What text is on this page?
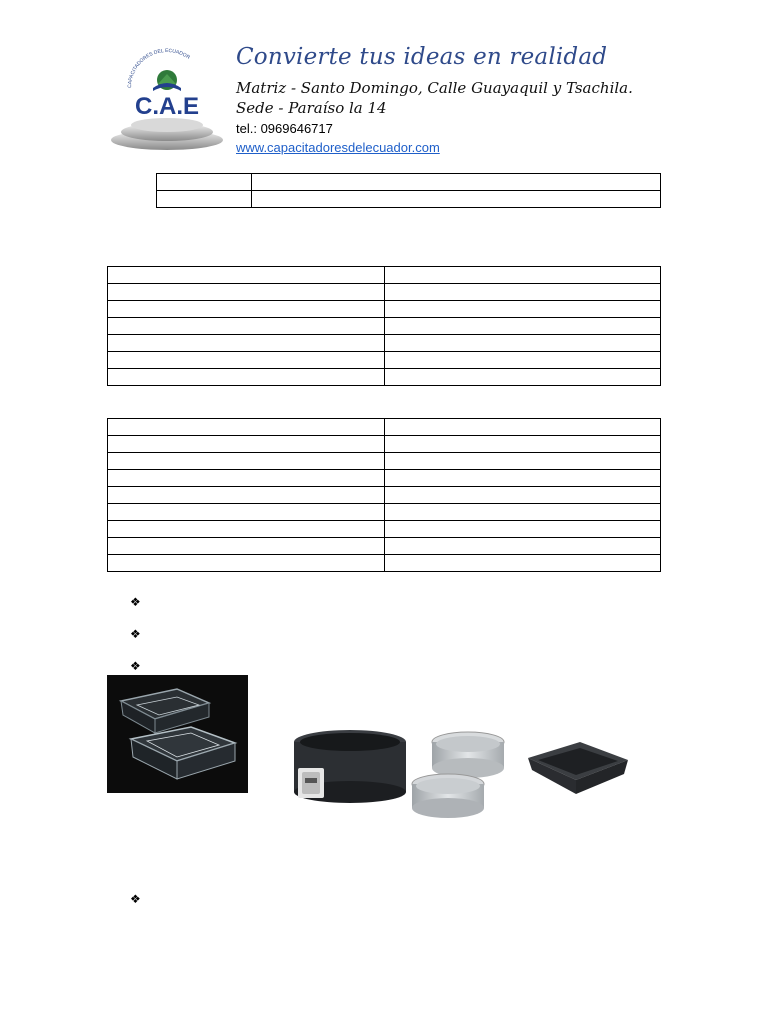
CAPACITADORES DEL ECUADOR
C.A.E
Convierte tus ideas en realidad
Matriz - Santo Domingo, Calle Guayaquil y Tsachila.
Sede - Paraíso la 14
tel.: 0969646717
www.capacitadoresdelecuador.com

❖
❖
❖
❖
